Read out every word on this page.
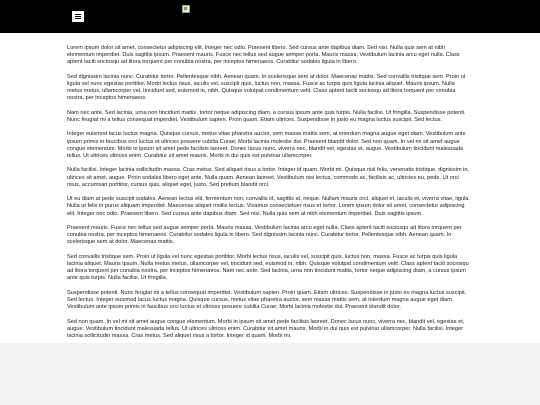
Lorem ipsum dolor sit amet, consectetur adipiscing elit. Integer nec odio. Praesent libero. Sed cursus ante dapibus diam. Sed nisi. Nulla quis sem at nibh elementum imperdiet. Duis sagittis ipsum. Praesent mauris. Fusce nec tellus sed augue semper porta. Mauris massa. Vestibulum lacinia arcu eget nulla. Class aptent taciti sociosqu ad litora torquent per conubia nostra, per inceptos himenaeos. Curabitur sodales ligula in libero.

Sed dignissim lacinia nunc. Curabitur tortor. Pellentesque nibh. Aenean quam. In scelerisque sem at dolor. Maecenas mattis. Sed convallis tristique sem. Proin ut ligula vel nunc egestas porttitor. Morbi lectus risus, iaculis vel, suscipit quis, luctus non, massa. Fusce ac turpis quis ligula lacinia aliquet. Mauris ipsum. Nulla metus metus, ullamcorper vel, tincidunt sed, euismod in, nibh. Quisque volutpat condimentum velit. Class aptent taciti sociosqu ad litora torquent per conubia nostra, per inceptos himenaeos.

Nam nec ante. Sed lacinia, urna non tincidunt mattis, tortor neque adipiscing diam, a cursus ipsum ante quis turpis. Nulla facilisi. Ut fringilla. Suspendisse potenti. Nunc feugiat mi a tellus consequat imperdiet. Vestibulum sapien. Proin quam. Etiam ultrices. Suspendisse in justo eu magna luctus suscipit. Sed lectus.

Integer euismod lacus luctus magna. Quisque cursus, metus vitae pharetra auctor, sem massa mattis sem, at interdum magna augue eget diam. Vestibulum ante ipsum primis in faucibus orci luctus et ultrices posuere cubilia Curae; Morbi lacinia molestie dui. Praesent blandit dolor. Sed non quam. In vel mi sit amet augue congue elementum. Morbi in ipsum sit amet pede facilisis laoreet. Donec lacus nunc, viverra nec, blandit vel, egestas et, augue. Vestibulum tincidunt malesuada tellus. Ut ultrices ultrices enim. Curabitur sit amet mauris. Morbi in dui quis est pulvinar ullamcorper.

Nulla facilisi. Integer lacinia sollicitudin massa. Cras metus. Sed aliquet risus a tortor. Integer id quam. Morbi mi. Quisque nisl felis, venenatis tristique, dignissim in, ultrices sit amet, augue. Proin sodales libero eget ante. Nulla quam. Aenean laoreet. Vestibulum nisi lectus, commodo ac, facilisis ac, ultricies eu, pede. Ut orci risus, accumsan porttitor, cursus quis, aliquet eget, justo. Sed pretium blandit orci.

Ut eu diam at pede suscipit sodales. Aenean lectus elit, fermentum non, convallis id, sagittis at, neque. Nullam mauris orci, aliquet et, iaculis et, viverra vitae, ligula. Nulla ut felis in purus aliquam imperdiet. Maecenas aliquet mollis lectus. Vivamus consectetuer risus et tortor. Lorem ipsum dolor sit amet, consectetur adipiscing elit. Integer nec odio. Praesent libero. Sed cursus ante dapibus diam. Sed nisi. Nulla quis sem at nibh elementum imperdiet. Duis sagittis ipsum.

Praesent mauris. Fusce nec tellus sed augue semper porta. Mauris massa. Vestibulum lacinia arcu eget nulla. Class aptent taciti sociosqu ad litora torquent per conubia nostra, per inceptos himenaeos. Curabitur sodales ligula in libero. Sed dignissim lacinia nunc. Curabitur tortor. Pellentesque nibh. Aenean quam. In scelerisque sem at dolor. Maecenas mattis.

Sed convallis tristique sem. Proin ut ligula vel nunc egestas porttitor. Morbi lectus risus, iaculis vel, suscipit quis, luctus non, massa. Fusce ac turpis quis ligula lacinia aliquet. Mauris ipsum. Nulla metus metus, ullamcorper vel, tincidunt sed, euismod in, nibh. Quisque volutpat condimentum velit. Class aptent taciti sociosqu ad litora torquent per conubia nostra, per inceptos himenaeos. Nam nec ante. Sed lacinia, urna non tincidunt mattis, tortor neque adipiscing diam, a cursus ipsum ante quis turpis. Nulla facilisi. Ut fringilla.

Suspendisse potenti. Nunc feugiat mi a tellus consequat imperdiet. Vestibulum sapien. Proin quam. Etiam ultrices. Suspendisse in justo eu magna luctus suscipit. Sed lectus. Integer euismod lacus luctus magna. Quisque cursus, metus vitae pharetra auctor, sem massa mattis sem, at interdum magna augue eget diam. Vestibulum ante ipsum primis in faucibus orci luctus et ultrices posuere cubilia Curae; Morbi lacinia molestie dui. Praesent blandit dolor.

Sed non quam. In vel mi sit amet augue congue elementum. Morbi in ipsum sit amet pede facilisis laoreet. Donec lacus nunc, viverra nec, blandit vel, egestas et, augue. Vestibulum tincidunt malesuada tellus. Ut ultrices ultrices enim. Curabitur sit amet mauris. Morbi in dui quis est pulvinar ullamcorper. Nulla facilisi. Integer lacinia sollicitudin massa. Cras metus. Sed aliquet risus a tortor. Integer id quam. Morbi mi.
